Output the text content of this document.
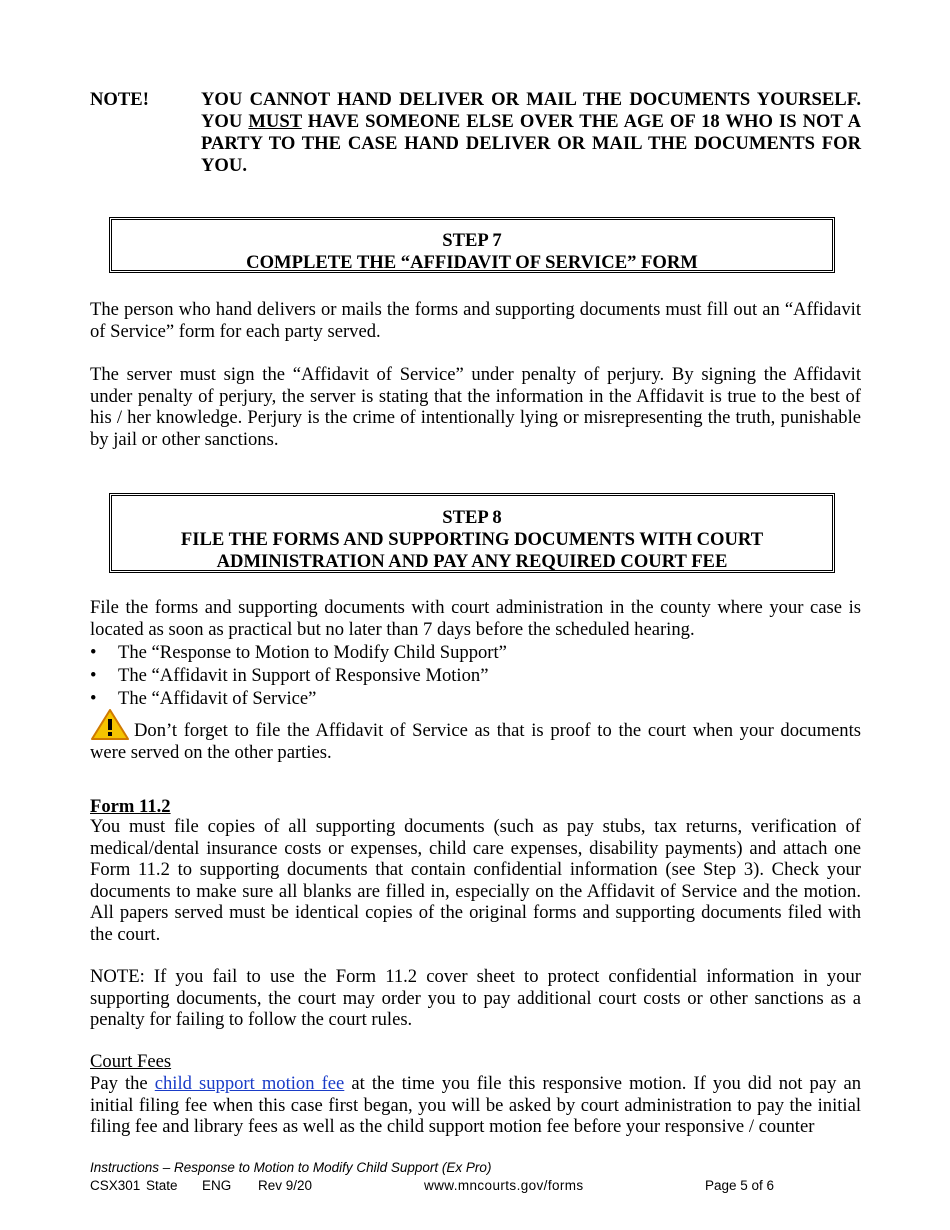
NOTE!	YOU CANNOT HAND DELIVER OR MAIL THE DOCUMENTS YOURSELF. YOU MUST HAVE SOMEONE ELSE OVER THE AGE OF 18 WHO IS NOT A PARTY TO THE CASE HAND DELIVER OR MAIL THE DOCUMENTS FOR YOU.
STEP 7
COMPLETE THE “AFFIDAVIT OF SERVICE” FORM
The person who hand delivers or mails the forms and supporting documents must fill out an “Affidavit of Service” form for each party served.
The server must sign the “Affidavit of Service” under penalty of perjury. By signing the Affidavit under penalty of perjury, the server is stating that the information in the Affidavit is true to the best of his / her knowledge. Perjury is the crime of intentionally lying or misrepresenting the truth, punishable by jail or other sanctions.
STEP 8
FILE THE FORMS AND SUPPORTING DOCUMENTS WITH COURT
ADMINISTRATION AND PAY ANY REQUIRED COURT FEE
File the forms and supporting documents with court administration in the county where your case is located as soon as practical but no later than 7 days before the scheduled hearing.
• The “Response to Motion to Modify Child Support”
• The “Affidavit in Support of Responsive Motion”
• The “Affidavit of Service”
Don’t forget to file the Affidavit of Service as that is proof to the court when your documents were served on the other parties.
Form 11.2
You must file copies of all supporting documents (such as pay stubs, tax returns, verification of medical/dental insurance costs or expenses, child care expenses, disability payments) and attach one Form 11.2 to supporting documents that contain confidential information (see Step 3). Check your documents to make sure all blanks are filled in, especially on the Affidavit of Service and the motion. All papers served must be identical copies of the original forms and supporting documents filed with the court.
NOTE: If you fail to use the Form 11.2 cover sheet to protect confidential information in your supporting documents, the court may order you to pay additional court costs or other sanctions as a penalty for failing to follow the court rules.
Court Fees
Pay the child support motion fee at the time you file this responsive motion. If you did not pay an initial filing fee when this case first began, you will be asked by court administration to pay the initial filing fee and library fees as well as the child support motion fee before your responsive / counter
Instructions – Response to Motion to Modify Child Support (Ex Pro)
CSX301 State ENG Rev 9/20	www.mncourts.gov/forms	Page 5 of 6
